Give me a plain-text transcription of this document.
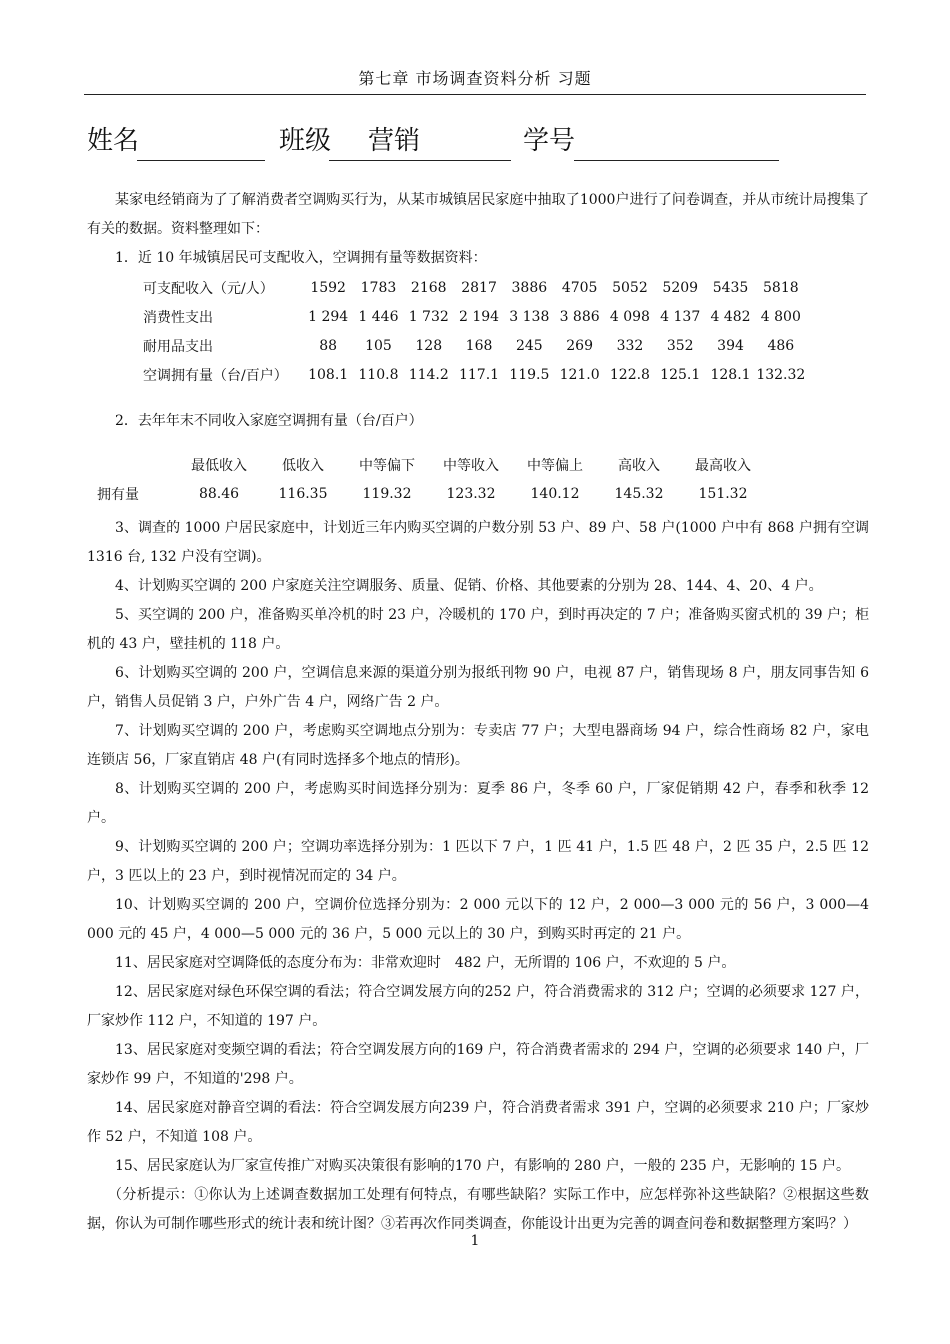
第七章 市场调查资料分析 习题
姓名	班级 营销	学号

某家电经销商为了了解消费者空调购买行为，从某市城镇居民家庭中抽取了1000户进行了问卷调查，并从市统计局搜集了有关的数据。资料整理如下：

1．近 10 年城镇居民可支配收入，空调拥有量等数据资料：

可支配收入（元/人）	1592	1783	2168	2817	3886	4705	5052	5209	5435	5818
消费性支出	1 294	1 446	1 732	2 194	3 138	3 886	4 098	4 137	4 482	4 800
耐用品支出	88	105	128	168	245	269	332	352	394	486
空调拥有量（台/百户）	108.1	110.8	114.2	117.1	119.5	121.0	122.8	125.1	128.1	132.32

2．去年年末不同收入家庭空调拥有量（台/百户）

	最低收入	低收入	中等偏下	中等收入	中等偏上	高收入	最高收入
拥有量	88.46	116.35	119.32	123.32	140.12	145.32	151.32

3、调查的 1000 户居民家庭中，计划近三年内购买空调的户数分别 53 户、89 户、58 户(1000 户中有 868 户拥有空调 1316 台, 132 户没有空调)。

4、计划购买空调的 200 户家庭关注空调服务、质量、促销、价格、其他要素的分别为 28、144、4、20、4 户。

5、买空调的 200 户，准备购买单冷机的时 23 户，冷暖机的 170 户，到时再决定的 7 户；准备购买窗式机的 39 户；柜机的 43 户，壁挂机的 118 户。

6、计划购买空调的 200 户，空调信息来源的渠道分别为报纸刊物 90 户，电视 87 户，销售现场 8 户，朋友同事告知 6 户，销售人员促销 3 户，户外广告 4 户，网络广告 2 户。

7、计划购买空调的 200 户，考虑购买空调地点分别为：专卖店 77 户；大型电器商场 94 户，综合性商场 82 户，家电连锁店 56，厂家直销店 48 户(有同时选择多个地点的情形)。

8、计划购买空调的 200 户，考虑购买时间选择分别为：夏季 86 户，冬季 60 户，厂家促销期 42 户，春季和秋季 12 户。

9、计划购买空调的 200 户；空调功率选择分别为：1 匹以下 7 户，1 匹 41 户，1.5 匹 48 户，2 匹 35 户，2.5 匹 12 户，3 匹以上的 23 户，到时视情况而定的 34 户。

10、计划购买空调的 200 户，空调价位选择分别为：2 000 元以下的 12 户，2 000—3 000 元的 56 户，3 000—4 000 元的 45 户，4 000—5 000 元的 36 户，5 000 元以上的 30 户，到购买时再定的 21 户。

11、居民家庭对空调降低的态度分布为：非常欢迎时　482 户，无所谓的 106 户，不欢迎的 5 户。

12、居民家庭对绿色环保空调的看法；符合空调发展方向的252 户，符合消费需求的 312 户；空调的必须要求 127 户，厂家炒作 112 户，不知道的 197 户。

13、居民家庭对变频空调的看法；符合空调发展方向的169 户，符合消费者需求的 294 户，空调的必须要求 140 户，厂家炒作 99 户，不知道的'298 户。

14、居民家庭对静音空调的看法：符合空调发展方向239 户，符合消费者需求 391 户，空调的必须要求 210 户；厂家炒作 52 户，不知道 108 户。

15、居民家庭认为厂家宣传推广对购买决策很有影响的170 户，有影响的 280 户，一般的 235 户，无影响的 15 户。

（分析提示：①你认为上述调查数据加工处理有何特点，有哪些缺陷？实际工作中，应怎样弥补这些缺陷？②根据这些数据，你认为可制作哪些形式的统计表和统计图？③若再次作同类调查，你能设计出更为完善的调查问卷和数据整理方案吗？）

1
